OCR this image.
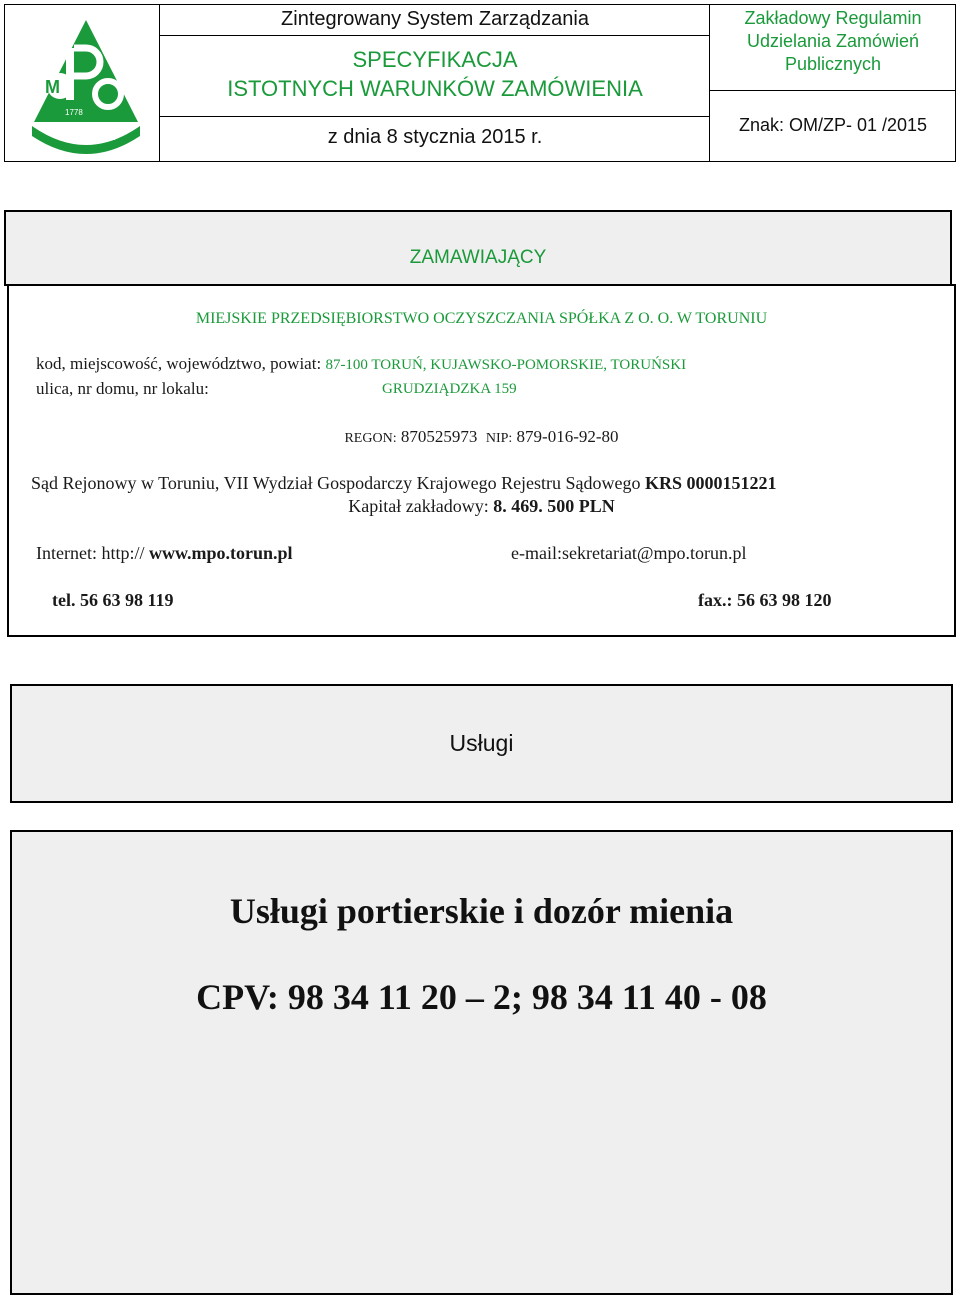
M
1778
TORUŃ
P
O
Zintegrowany System Zarządzania
SPECYFIKACJA
ISTOTNYCH WARUNKÓW ZAMÓWIENIA
z dnia 8 stycznia 2015 r.
Zakładowy Regulamin
Udzielania Zamówień
Publicznych
Znak: OM/ZP- 01 /2015
ZAMAWIAJĄCY
MIEJSKIE PRZEDSIĘBIORSTWO OCZYSZCZANIA SPÓŁKA Z O. O. W TORUNIU
kod, miejscowość, województwo, powiat: 87-100 TORUŃ, KUJAWSKO-POMORSKIE, TORUŃSKI
ulica, nr domu, nr lokalu:	GRUDZIĄDZKA 159
REGON: 870525973 NIP: 879-016-92-80
Sąd Rejonowy w Toruniu, VII Wydział Gospodarczy Krajowego Rejestru Sądowego KRS 0000151221
Kapitał zakładowy: 8. 469. 500 PLN
Internet: http:// www.mpo.torun.pl	e-mail:sekretariat@mpo.torun.pl
tel. 56 63 98 119	fax.: 56 63 98 120
Usługi
Usługi portierskie i dozór mienia
CPV: 98 34 11 20 – 2; 98 34 11 40 - 08
